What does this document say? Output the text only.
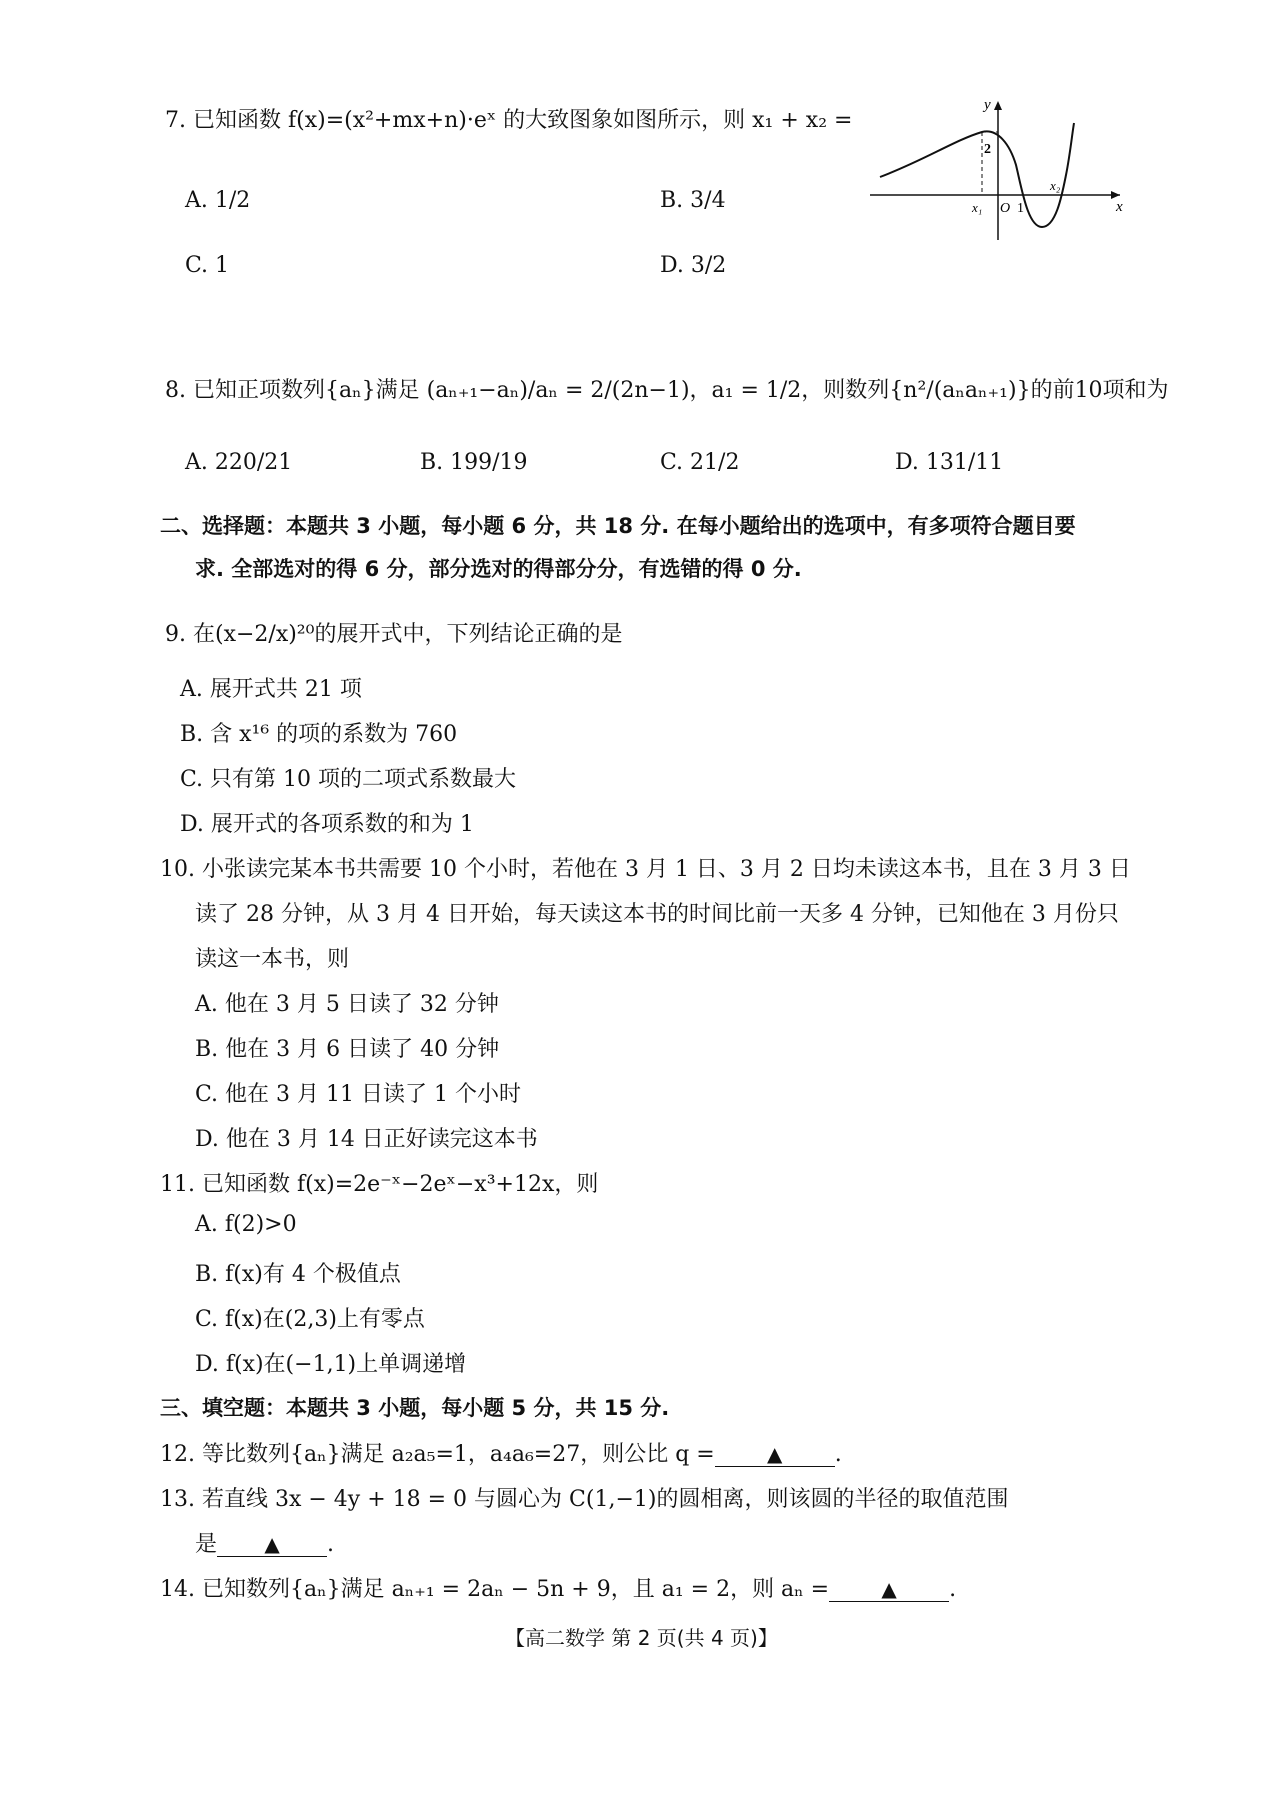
7. 已知函数 f(x)=(x²+mx+n)·eˣ 的大致图象如图所示，则 x₁ + x₂ =
A. 1/2	B. 3/4
C. 1	D. 3/2
y
x
2
x₁ O 1
x₂
8. 已知正项数列{aₙ}满足 (aₙ₊₁−aₙ)/aₙ = 2/(2n−1)，a₁ = 1/2，则数列{n²/(aₙaₙ₊₁)}的前10项和为
A. 220/21	B. 199/19	C. 21/2	D. 131/11
二、选择题：本题共 3 小题，每小题 6 分，共 18 分. 在每小题给出的选项中，有多项符合题目要
求. 全部选对的得 6 分，部分选对的得部分分，有选错的得 0 分.
9. 在(x−2/x)²⁰的展开式中，下列结论正确的是
A. 展开式共 21 项
B. 含 x¹⁶ 的项的系数为 760
C. 只有第 10 项的二项式系数最大
D. 展开式的各项系数的和为 1
10. 小张读完某本书共需要 10 个小时，若他在 3 月 1 日、3 月 2 日均未读这本书，且在 3 月 3 日
读了 28 分钟，从 3 月 4 日开始，每天读这本书的时间比前一天多 4 分钟，已知他在 3 月份只
读这一本书，则
A. 他在 3 月 5 日读了 32 分钟
B. 他在 3 月 6 日读了 40 分钟
C. 他在 3 月 11 日读了 1 个小时
D. 他在 3 月 14 日正好读完这本书
11. 已知函数 f(x)=2e⁻ˣ−2eˣ−x³+12x，则
A. f(2)>0
B. f(x)有 4 个极值点
C. f(x)在(2,3)上有零点
D. f(x)在(−1,1)上单调递增
三、填空题：本题共 3 小题，每小题 5 分，共 15 分.
12. 等比数列{aₙ}满足 a₂a₅=1，a₄a₆=27，则公比 q =	▲ .
13. 若直线 3x − 4y + 18 = 0 与圆心为 C(1,−1)的圆相离，则该圆的半径的取值范围
是 ▲ .
14. 已知数列{aₙ}满足 aₙ₊₁ = 2aₙ − 5n + 9，且 a₁ = 2，则 aₙ =	▲ .
【高二数学 第 2 页(共 4 页)】
